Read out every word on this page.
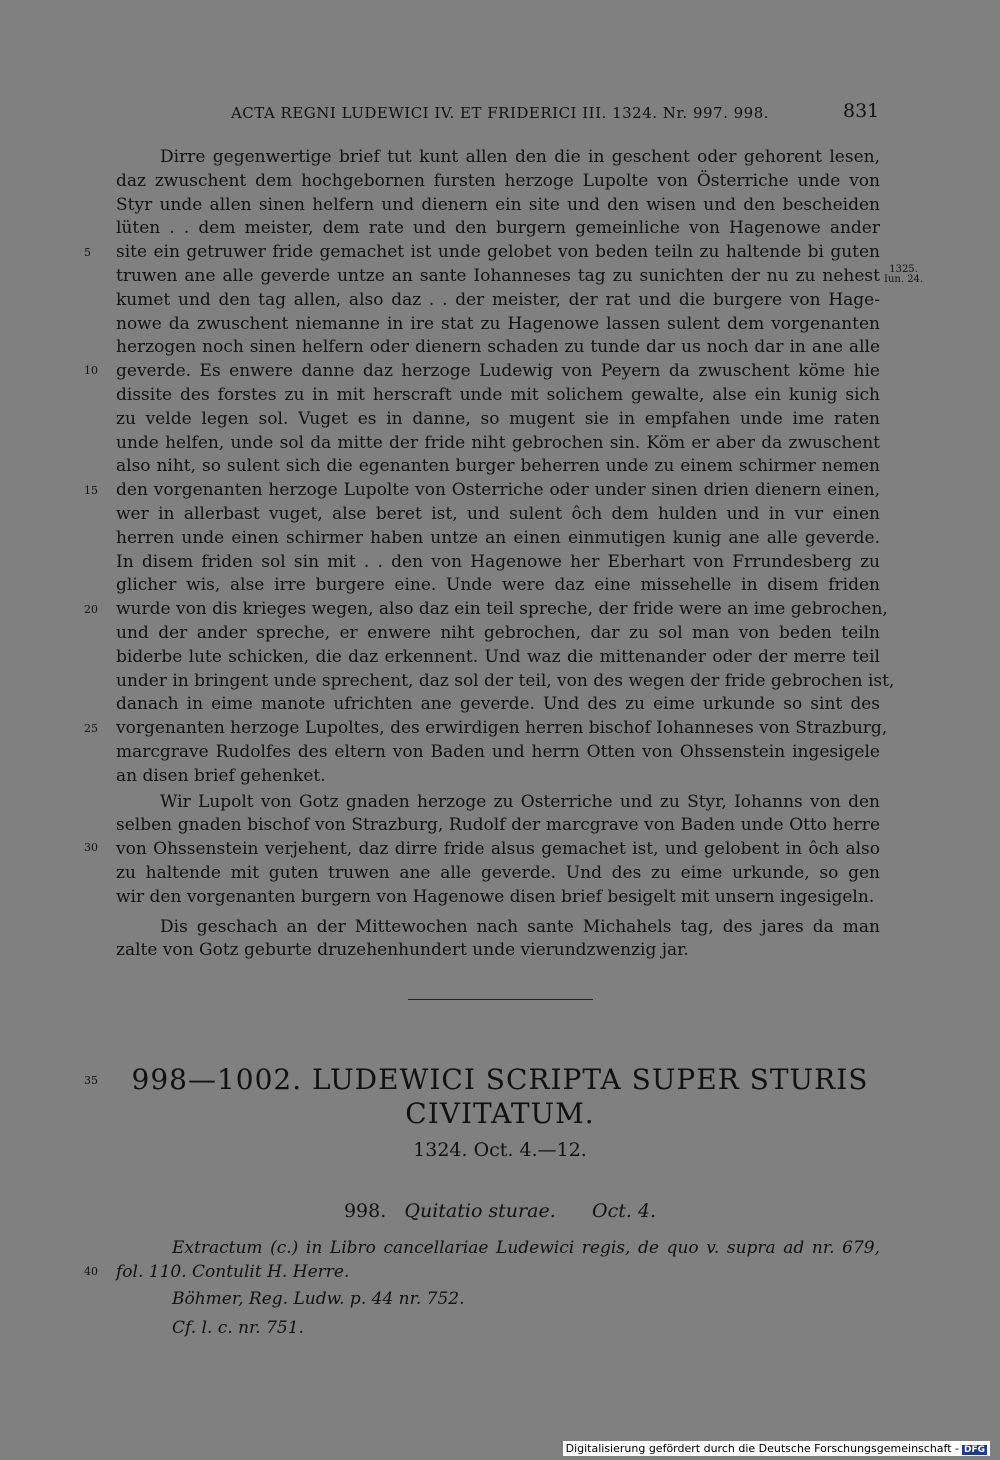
ACTA REGNI LUDEWICI IV. ET FRIDERICI III. 1324. Nr. 997. 998.	831
Dirre gegenwertige brief tut kunt allen den die in geschent oder gehorent lesen,
daz zwuschent dem hochgebornen fursten herzoge Lupolte von Österriche unde von
Styr unde allen sinen helfern und dienern ein site und den wisen und den bescheiden
lüten . . dem meister, dem rate und den burgern gemeinliche von Hagenowe ander
site ein getruwer fride gemachet ist unde gelobet von beden teiln zu haltende bi guten
truwen ane alle geverde untze an sante Iohanneses tag zu sunichten der nu zu nehest
kumet und den tag allen, also daz . . der meister, der rat und die burgere von Hage-
nowe da zwuschent niemanne in ire stat zu Hagenowe lassen sulent dem vorgenanten
herzogen noch sinen helfern oder dienern schaden zu tunde dar us noch dar in ane alle
geverde. Es enwere danne daz herzoge Ludewig von Peyern da zwuschent köme hie
dissite des forstes zu in mit herscraft unde mit solichem gewalte, alse ein kunig sich
zu velde legen sol. Vuget es in danne, so mugent sie in empfahen unde ime raten
unde helfen, unde sol da mitte der fride niht gebrochen sin. Köm er aber da zwuschent
also niht, so sulent sich die egenanten burger beherren unde zu einem schirmer nemen
den vorgenanten herzoge Lupolte von Osterriche oder under sinen drien dienern einen,
wer in allerbast vuget, alse beret ist, und sulent ôch dem hulden und in vur einen
herren unde einen schirmer haben untze an einen einmutigen kunig ane alle geverde.
In disem friden sol sin mit . . den von Hagenowe her Eberhart von Frrundesberg zu
glicher wis, alse irre burgere eine. Unde were daz eine missehelle in disem friden
wurde von dis krieges wegen, also daz ein teil spreche, der fride were an ime gebrochen,
und der ander spreche, er enwere niht gebrochen, dar zu sol man von beden teiln
biderbe lute schicken, die daz erkennent. Und waz die mittenander oder der merre teil
under in bringent unde sprechent, daz sol der teil, von des wegen der fride gebrochen ist,
danach in eime manote ufrichten ane geverde. Und des zu eime urkunde so sint des
vorgenanten herzoge Lupoltes, des erwirdigen herren bischof Iohanneses von Strazburg,
marcgrave Rudolfes des eltern von Baden und herrn Otten von Ohssenstein ingesigele
an disen brief gehenket.
Wir Lupolt von Gotz gnaden herzoge zu Osterriche und zu Styr, Iohanns von den
selben gnaden bischof von Strazburg, Rudolf der marcgrave von Baden unde Otto herre
von Ohssenstein verjehent, daz dirre fride alsus gemachet ist, und gelobent in ôch also
zu haltende mit guten truwen ane alle geverde. Und des zu eime urkunde, so gen
wir den vorgenanten burgern von Hagenowe disen brief besigelt mit unsern ingesigeln.
Dis geschach an der Mittewochen nach sante Michahels tag, des jares da man
zalte von Gotz geburte druzehenhundert unde vierundzwenzig jar.
5
10
15
20
25
30
35
40
1325.
Iun. 24.
998—1002. LUDEWICI SCRIPTA SUPER STURIS
CIVITATUM.
1324. Oct. 4.—12.
998. Quitatio sturae. Oct. 4.
Extractum (c.) in Libro cancellariae Ludewici regis, de quo v. supra ad nr. 679,
fol. 110. Contulit H. Herre.
Böhmer, Reg. Ludw. p. 44 nr. 752.
Cf. l. c. nr. 751.
Digitalisierung gefördert durch die Deutsche Forschungsgemeinschaft - DFG
